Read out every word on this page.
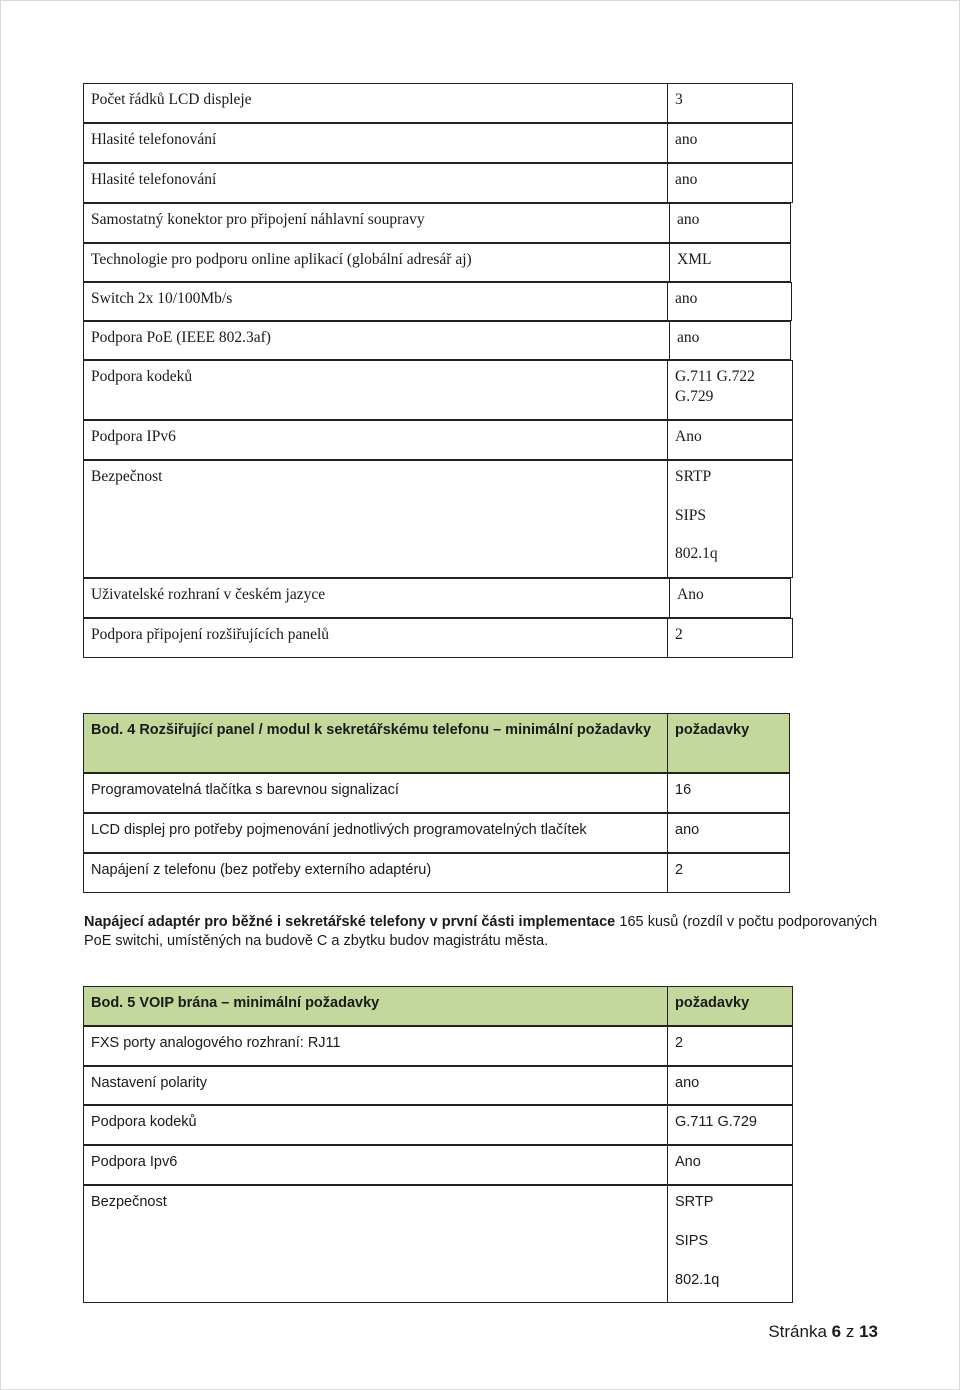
Počet řádků LCD displeje	3
Hlasité telefonování	ano
Hlasité telefonování	ano
Samostatný konektor pro připojení náhlavní soupravy	ano
Technologie pro podporu online aplikací (globální adresář aj)	XML
Switch 2x 10/100Mb/s	ano
Podpora PoE (IEEE 802.3af)	ano
Podpora kodeků	G.711 G.722
G.729
Podpora IPv6	Ano
Bezpečnost	SRTP
SIPS
802.1q
Uživatelské rozhraní v českém jazyce	Ano
Podpora připojení rozšiřujících panelů	2
Bod. 4 Rozšiřující panel / modul k sekretářskému telefonu – minimální požadavky	požadavky
Programovatelná tlačítka s barevnou signalizací	16
LCD displej pro potřeby pojmenování jednotlivých programovatelných tlačítek	ano
Napájení z telefonu (bez potřeby externího adaptéru)	2
Napájecí adaptér pro běžné i sekretářské telefony v první části implementace 165 kusů (rozdíl v počtu podporovaných PoE switchi, umístěných na budově C a zbytku budov magistrátu města.
Bod. 5 VOIP brána – minimální požadavky	požadavky
FXS porty analogového rozhraní: RJ11	2
Nastavení polarity	ano
Podpora kodeků	G.711 G.729
Podpora Ipv6	Ano
Bezpečnost	SRTP
SIPS
802.1q
Stránka 6 z 13
